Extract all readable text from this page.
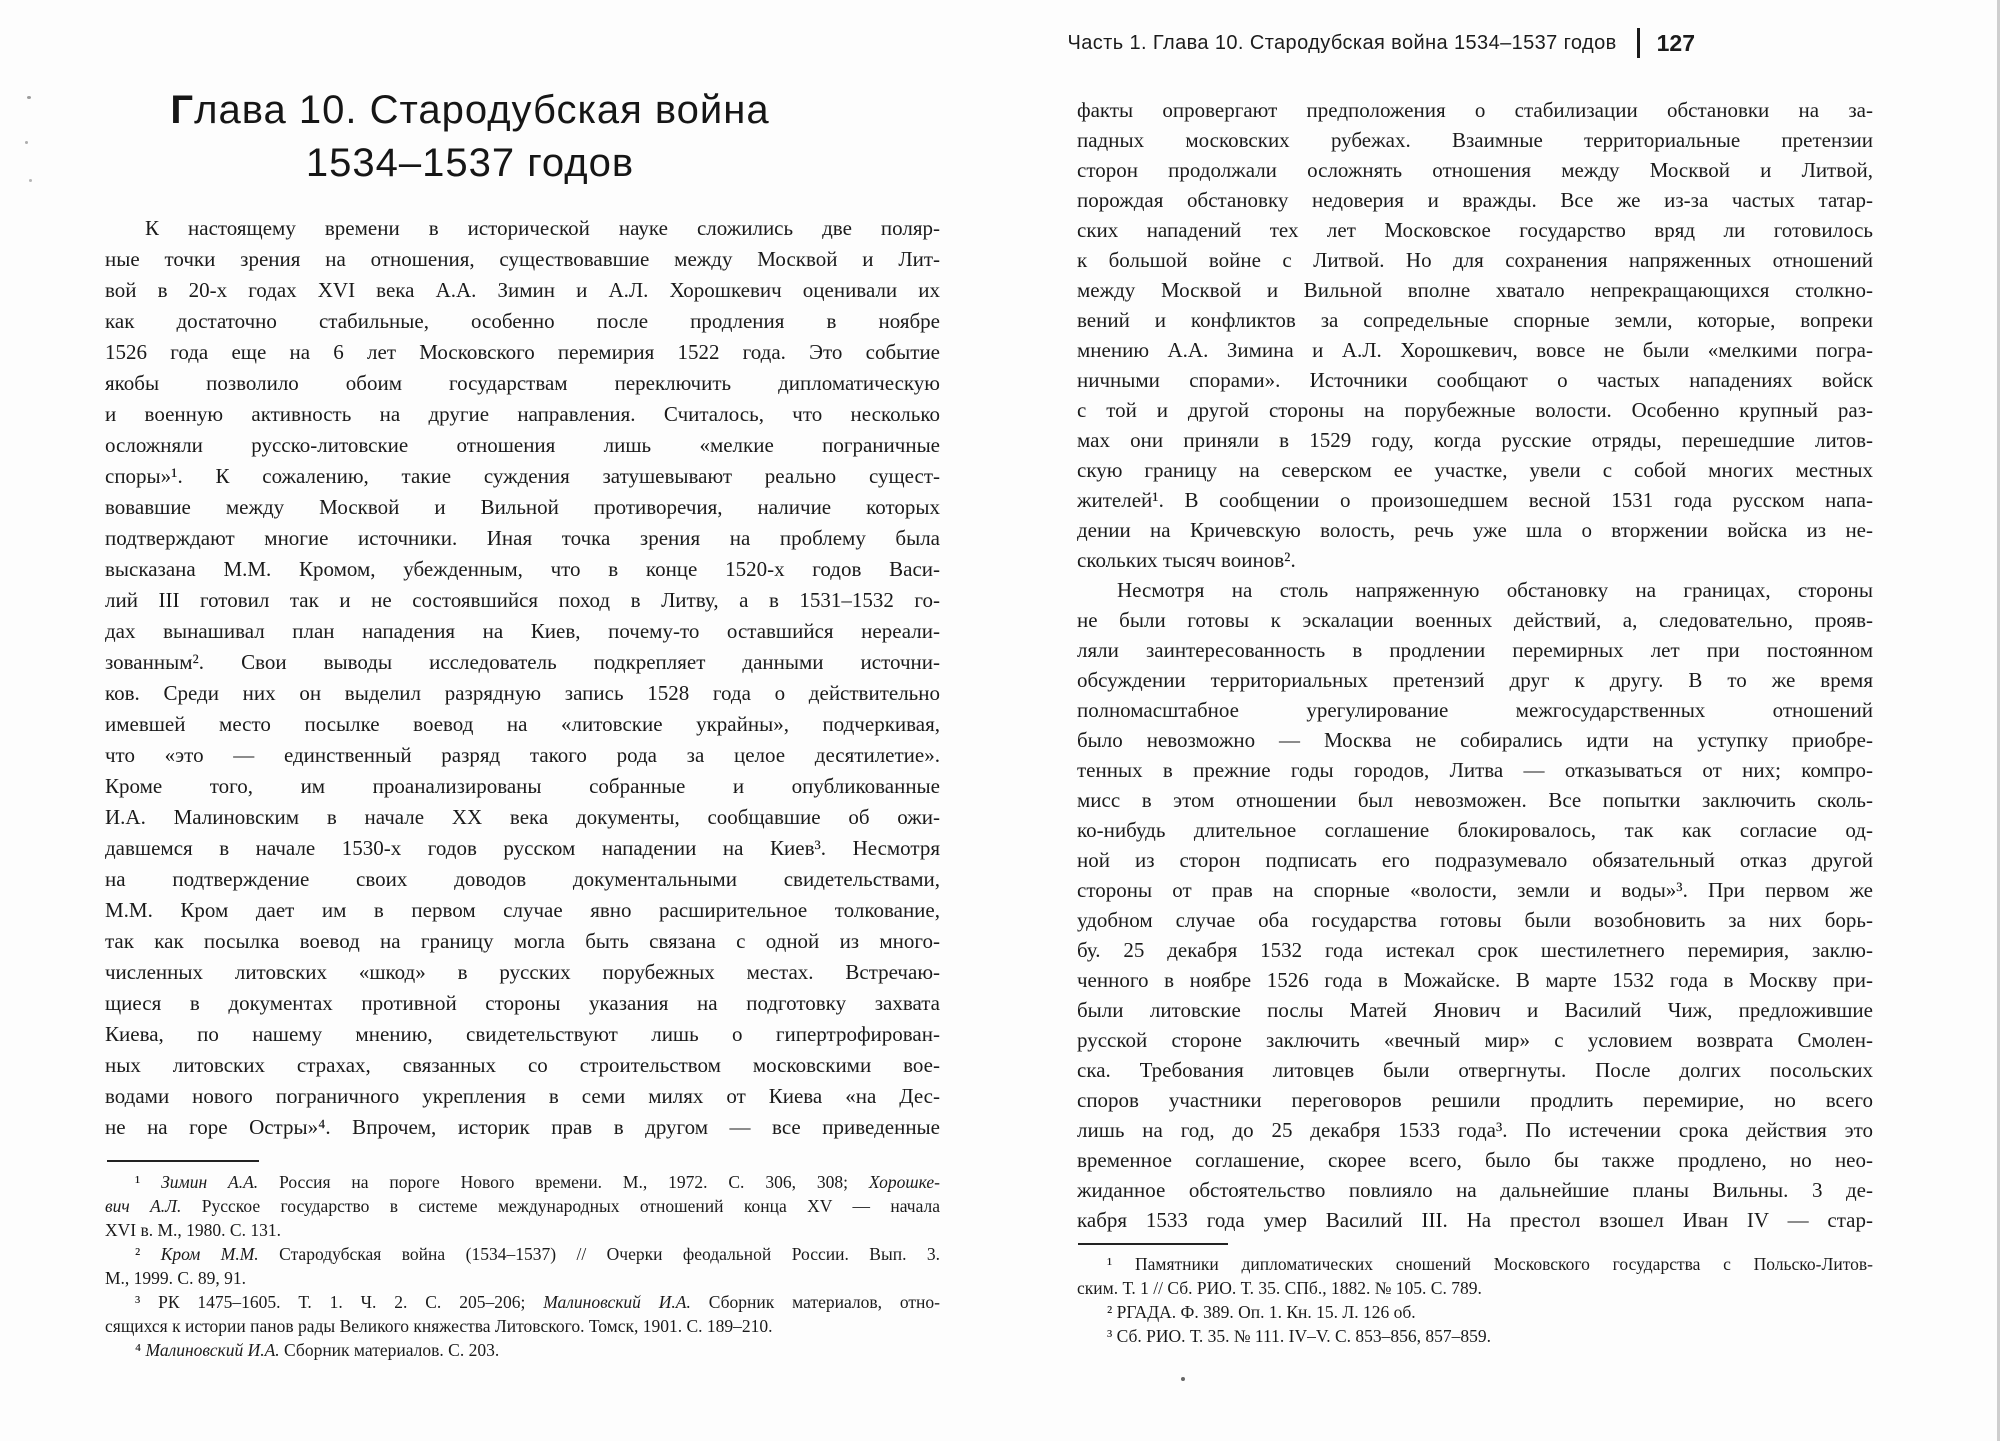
Глава 10. Стародубская война
1534–1537 годов
К настоящему времени в исторической науке сложились две поляр-
ные точки зрения на отношения, существовавшие между Москвой и Лит-
вой в 20-х годах XVI века А.А. Зимин и А.Л. Хорошкевич оценивали их
как достаточно стабильные, особенно после продления в ноябре
1526 года еще на 6 лет Московского перемирия 1522 года. Это событие
якобы позволило обоим государствам переключить дипломатическую
и военную активность на другие направления. Считалось, что несколько
осложняли русско-литовские отношения лишь «мелкие пограничные
споры»¹. К сожалению, такие суждения затушевывают реально сущест-
вовавшие между Москвой и Вильной противоречия, наличие которых
подтверждают многие источники. Иная точка зрения на проблему была
высказана М.М. Кромом, убежденным, что в конце 1520-х годов Васи-
лий III готовил так и не состоявшийся поход в Литву, а в 1531–1532 го-
дах вынашивал план нападения на Киев, почему-то оставшийся нереали-
зованным². Свои выводы исследователь подкрепляет данными источни-
ков. Среди них он выделил разрядную запись 1528 года о действительно
имевшей место посылке воевод на «литовские украйны», подчеркивая,
что «это — единственный разряд такого рода за целое десятилетие».
Кроме того, им проанализированы собранные и опубликованные
И.А. Малиновским в начале XX века документы, сообщавшие об ожи-
давшемся в начале 1530-х годов русском нападении на Киев³. Несмотря
на подтверждение своих доводов документальными свидетельствами,
М.М. Кром дает им в первом случае явно расширительное толкование,
так как посылка воевод на границу могла быть связана с одной из много-
численных литовских «шкод» в русских порубежных местах. Встречаю-
щиеся в документах противной стороны указания на подготовку захвата
Киева, по нашему мнению, свидетельствуют лишь о гипертрофирован-
ных литовских страхах, связанных со строительством московскими вое-
водами нового пограничного укрепления в семи милях от Киева «на Дес-
не на горе Остры»⁴. Впрочем, историк прав в другом — все приведенные
¹ Зимин А.А. Россия на пороге Нового времени. М., 1972. С. 306, 308; Хорошке-
вич А.Л. Русское государство в системе международных отношений конца XV — начала
XVI в. М., 1980. С. 131.
² Кром М.М. Стародубская война (1534–1537) // Очерки феодальной России. Вып. 3.
М., 1999. С. 89, 91.
³ РК 1475–1605. Т. 1. Ч. 2. С. 205–206; Малиновский И.А. Сборник материалов, отно-
сящихся к истории панов рады Великого княжества Литовского. Томск, 1901. С. 189–210.
⁴ Малиновский И.А. Сборник материалов. С. 203.
Часть 1. Глава 10. Стародубская война 1534–1537 годов 127
факты опровергают предположения о стабилизации обстановки на за-
падных московских рубежах. Взаимные территориальные претензии
сторон продолжали осложнять отношения между Москвой и Литвой,
порождая обстановку недоверия и вражды. Все же из-за частых татар-
ских нападений тех лет Московское государство вряд ли готовилось
к большой войне с Литвой. Но для сохранения напряженных отношений
между Москвой и Вильной вполне хватало непрекращающихся столкно-
вений и конфликтов за сопредельные спорные земли, которые, вопреки
мнению А.А. Зимина и А.Л. Хорошкевич, вовсе не были «мелкими погра-
ничными спорами». Источники сообщают о частых нападениях войск
с той и другой стороны на порубежные волости. Особенно крупный раз-
мах они приняли в 1529 году, когда русские отряды, перешедшие литов-
скую границу на северском ее участке, увели с собой многих местных
жителей¹. В сообщении о произошедшем весной 1531 года русском напа-
дении на Кричевскую волость, речь уже шла о вторжении войска из не-
скольких тысяч воинов².
Несмотря на столь напряженную обстановку на границах, стороны
не были готовы к эскалации военных действий, а, следовательно, прояв-
ляли заинтересованность в продлении перемирных лет при постоянном
обсуждении территориальных претензий друг к другу. В то же время
полномасштабное урегулирование межгосударственных отношений
было невозможно — Москва не собирались идти на уступку приобре-
тенных в прежние годы городов, Литва — отказываться от них; компро-
мисс в этом отношении был невозможен. Все попытки заключить сколь-
ко-нибудь длительное соглашение блокировалось, так как согласие од-
ной из сторон подписать его подразумевало обязательный отказ другой
стороны от прав на спорные «волости, земли и воды»³. При первом же
удобном случае оба государства готовы были возобновить за них борь-
бу. 25 декабря 1532 года истекал срок шестилетнего перемирия, заклю-
ченного в ноябре 1526 года в Можайске. В марте 1532 года в Москву при-
были литовские послы Матей Янович и Василий Чиж, предложившие
русской стороне заключить «вечный мир» с условием возврата Смолен-
ска. Требования литовцев были отвергнуты. После долгих посольских
споров участники переговоров решили продлить перемирие, но всего
лишь на год, до 25 декабря 1533 года³. По истечении срока действия это
временное соглашение, скорее всего, было бы также продлено, но нео-
жиданное обстоятельство повлияло на дальнейшие планы Вильны. 3 де-
кабря 1533 года умер Василий III. На престол взошел Иван IV — стар-
¹ Памятники дипломатических сношений Московского государства с Польско-Литов-
ским. Т. 1 // Сб. РИО. Т. 35. СПб., 1882. № 105. С. 789.
² РГАДА. Ф. 389. Оп. 1. Кн. 15. Л. 126 об.
³ Сб. РИО. Т. 35. № 111. IV–V. С. 853–856, 857–859.
